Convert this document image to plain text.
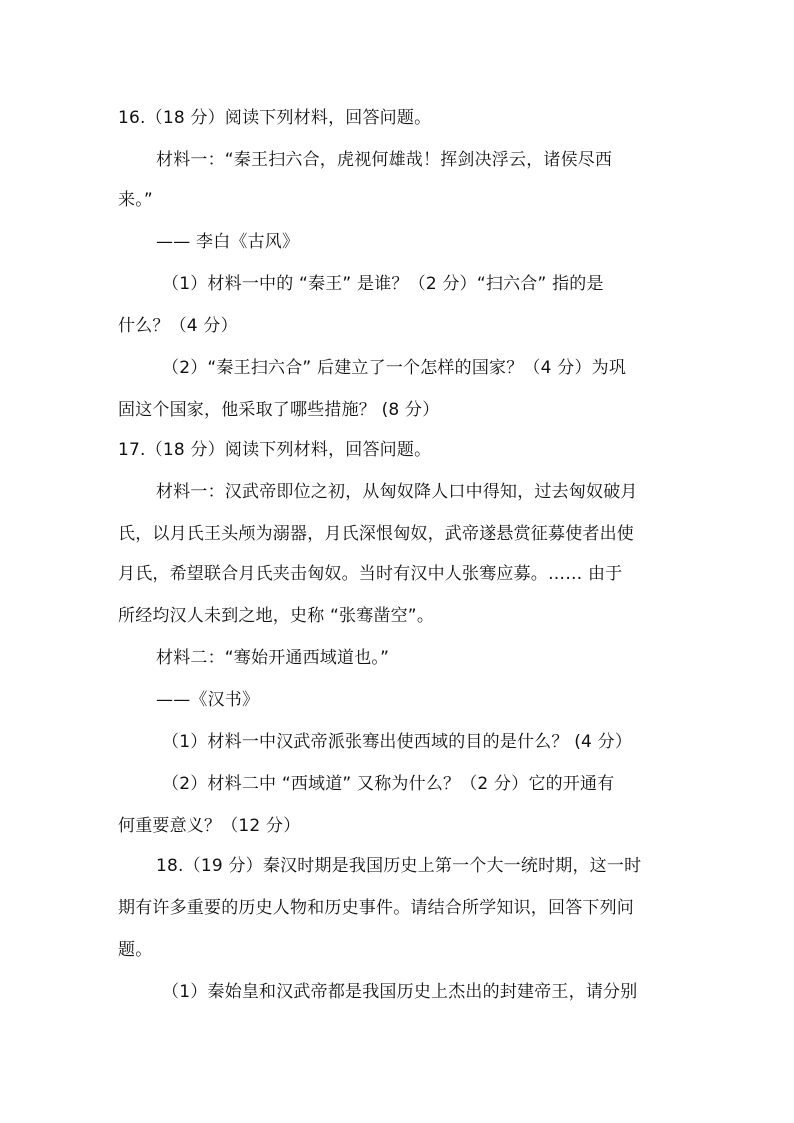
16.（18 分）阅读下列材料，回答问题。
材料一：“秦王扫六合，虎视何雄哉！挥剑决浮云，诸侯尽西
来。”
—— 李白《古风》
（1）材料一中的 “秦王” 是谁？（2 分）“扫六合” 指的是
什么？（4 分）
（2）“秦王扫六合” 后建立了一个怎样的国家？（4 分）为巩
固这个国家，他采取了哪些措施？ (8 分）
17.（18 分）阅读下列材料，回答问题。
材料一：汉武帝即位之初，从匈奴降人口中得知，过去匈奴破月
氏，以月氏王头颅为溺器，月氏深恨匈奴，武帝遂悬赏征募使者出使
月氏，希望联合月氏夹击匈奴。当时有汉中人张骞应募。…… 由于
所经均汉人未到之地，史称 “张骞凿空”。
材料二：“骞始开通西域道也。”
——《汉书》
（1）材料一中汉武帝派张骞出使西域的目的是什么？ (4 分）
（2）材料二中 “西域道” 又称为什么？（2 分）它的开通有
何重要意义？（12 分）
18.（19 分）秦汉时期是我国历史上第一个大一统时期，这一时
期有许多重要的历史人物和历史事件。请结合所学知识，回答下列问
题。
（1）秦始皇和汉武帝都是我国历史上杰出的封建帝王，请分别
